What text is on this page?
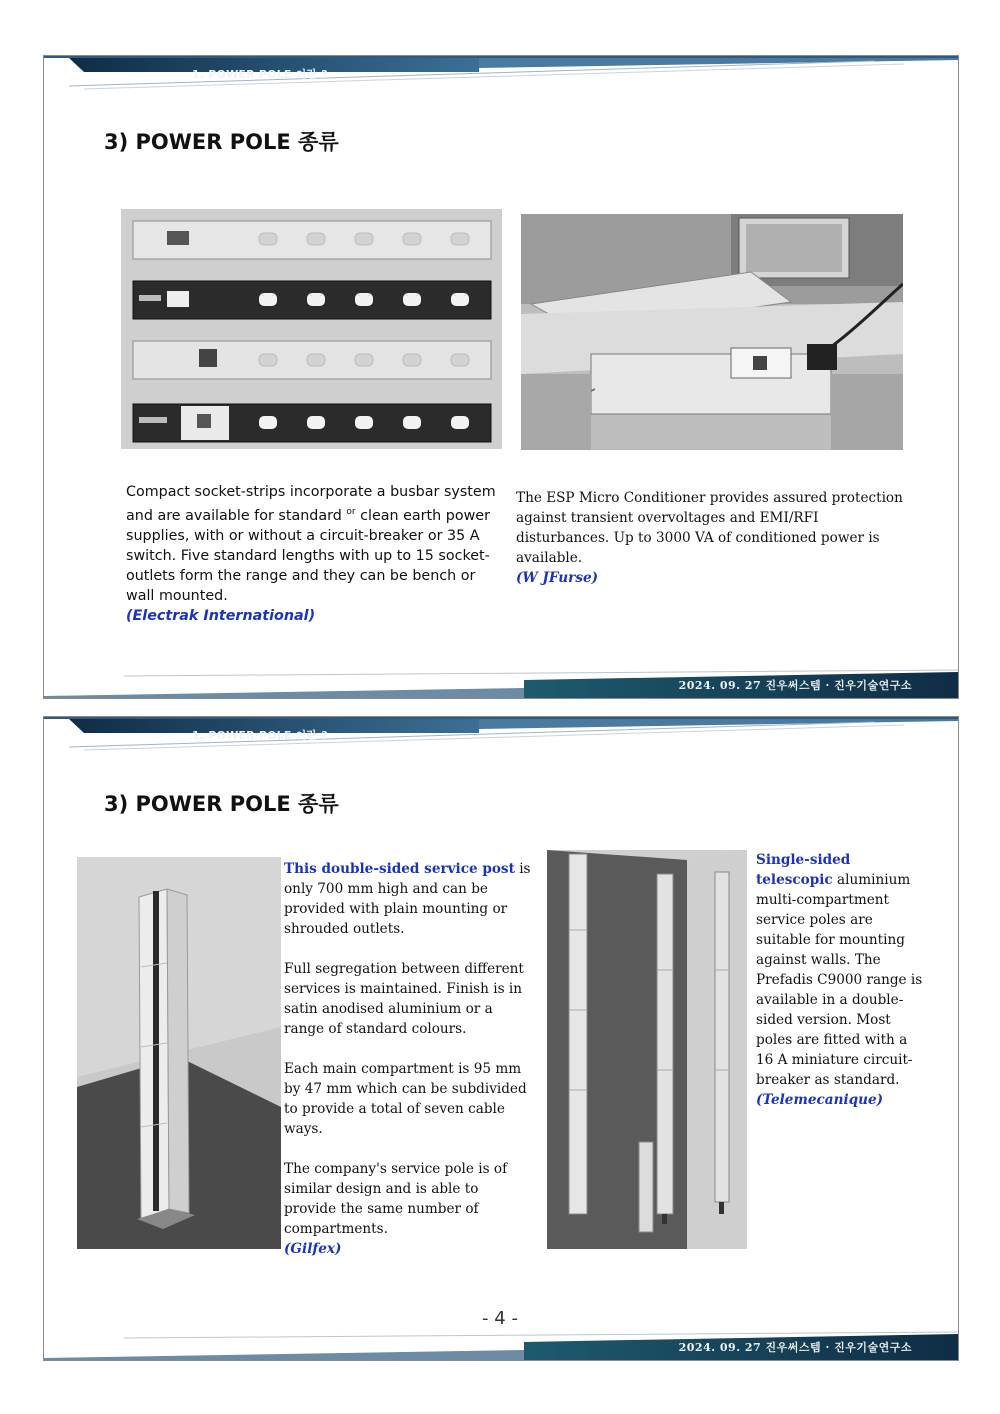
1. POWER POLE 이란 ?
3) POWER POLE 종류
Compact socket-strips incorporate a busbar system and are available for standard $^{or}$ clean earth power supplies, with or without a circuit-breaker or 35 A switch. Five standard lengths with up to 15 socket-outlets form the range and they can be bench or wall mounted.
(Electrak International)
The ESP Micro Conditioner provides assured protection against transient overvoltages and EMI/RFI disturbances. Up to 3000 VA of conditioned power is available.
(W JFurse)
2024. 09. 27 진우써스템 · 진우기술연구소
1. POWER POLE 이란 ?
3) POWER POLE 종류

This double-sided service post is only 700 mm high and can be provided with plain mounting or shrouded outlets.

Full segregation between different services is maintained. Finish is in satin anodised aluminium or a range of standard colours.

Each main compartment is 95 mm by 47 mm which can be subdivided to provide a total of seven cable ways.

The company's service pole is of similar design and is able to provide the same number of compartments.
(Gilfex)

Single-sided telescopic aluminium multi-compartment service poles are suitable for mounting against walls. The Prefadis C9000 range is available in a double-sided version. Most poles are fitted with a 16 A miniature circuit-breaker as standard.
(Telemecanique)
2024. 09. 27 진우써스템 · 진우기술연구소
- 4 -
